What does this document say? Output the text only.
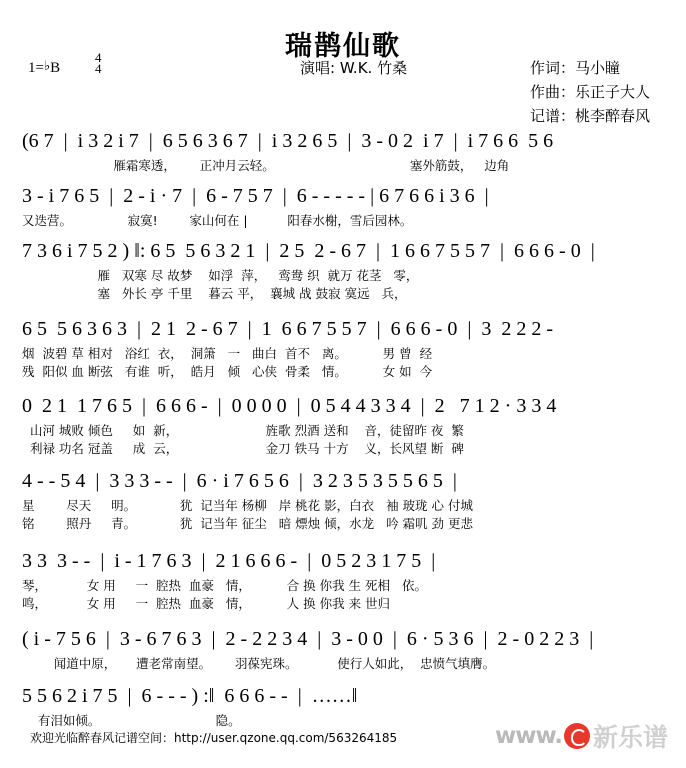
瑞鹊仙歌
1=♭B
4
4	演唱: W.K. 竹桑	作词：马小瞳
作曲：乐正子大人
记谱：桃李醉春风
(6 7  |  i 3 2 i 7  |  6 5 6 3 6 7  |  i 3 2 6 5  |  3 - 0 2  i 7  |  i 7 6 6  5 6
雁霜寒透，      正冲月云轻。                                  塞外筋鼓，   边角
3 - i 7 6 5  |  2 - i · 7  |  6 - 7 5 7  |  6 - - - - - | 6 7 6 6 i 3 6  |
又迭营。              寂寞!        家山何在 |          阳春水榭，雪后园林。
7 3 6 i 7 5 2 ) ‖: 6 5  5 6 3 2 1  |  2 5  2 - 6 7  |  1 6 6 7 5 5 7  |  6 6 6 - 0  |
雁   双寒 尽 故梦    如浮  萍，   鸾鸯 织  就万 花茎   零，
塞   外长 亭 千里    暮云 平，  襄城 战 鼓寂 寞远   兵，
6 5  5 6 3 6 3  |  2 1  2 - 6 7  |  1  6 6 7 5 5 7  |  6 6 6 - 0  |  3  2 2 2 -
烟  波碧 草 相对   浴红  衣，  洞箫   一   曲白  首不   离。         男 曾  经
残  阳似 血 断弦   有谁  听，  皓月   倾   心侠  骨柔   情。         女 如  今
0  2 1  1 7 6 5  |  6 6 6 -  |  0 0 0 0  |  0 5 4 4 3 3 4  |  2   7 1 2 · 3 3 4
山河 城败 倾色     如  新，                      旌歌 烈酒 送和    音，徒留昨 夜  繁
利禄 功名 冠盖     成  云，                      金刀 铁马 十方    义，长风望 断  碑
4 - - 5 4  |  3 3 3 - -  |  6 · i 7 6 5 6  |  3 2 3 5 3 5 5 6 5  |
星        尽天     明。           犹  记当年 杨柳   岸 桃花 影，白衣   袖 玻珑 心 付城
铭        照丹     青。           犹  记当年 征尘   暗 熛烛 倾，水龙   吟 霜叽 劲 更悲
3 3  3 - -  |  i - 1 7 6 3  |  2 1 6 6 6 -  |  0 5 2 3 1 7 5  |
琴，          女 用     一  腔热  血豪   情，         合 换 你我 生 死相   依。
鸣，          女 用     一  腔热  血豪   情，         人 换 你我 来 世归
( i - 7 5 6  |  3 - 6 7 6 3  |  2 - 2 2 3 4  |  3 - 0 0  |  6 · 5 3 6  |  2 - 0 2 2 3  |
闻道中原，     遭老常南望。      羽葆宪珠。          使行人如此，  忠愤气填膺。
5 5 6 2 i 7 5  |  6 - - - ) :‖  6 6 6 - -  |  ……‖
有泪如倾。                             隐。
欢迎光临醉春风记谱空间：http://user.qzone.qq.com/563264185	www. 新乐谱
